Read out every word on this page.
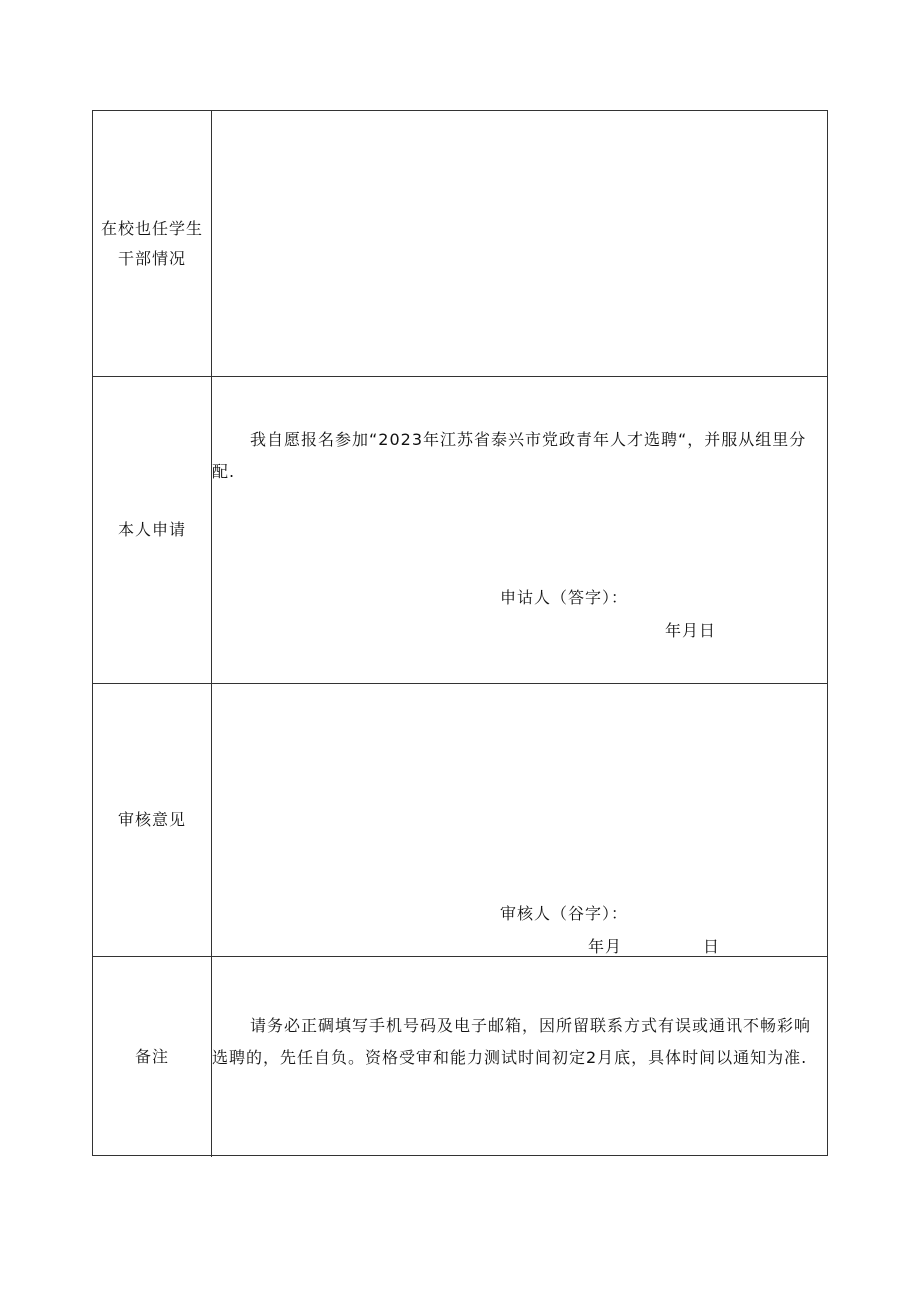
在校也任学生
干部情况
本人申请
我自愿报名参加“2023年江苏省泰兴市党政青年人才选聘“，并服从组里分配.
申诂人（答字）：
年月日
审核意见
审核人（谷字）：
年月	日
备注
请务必正碉填写手机号码及电子邮箱，因所留联系方式有误或通讯不畅彩响选聘的，先任自负。资格受审和能力测试时间初定2月底，具体时间以通知为准.
